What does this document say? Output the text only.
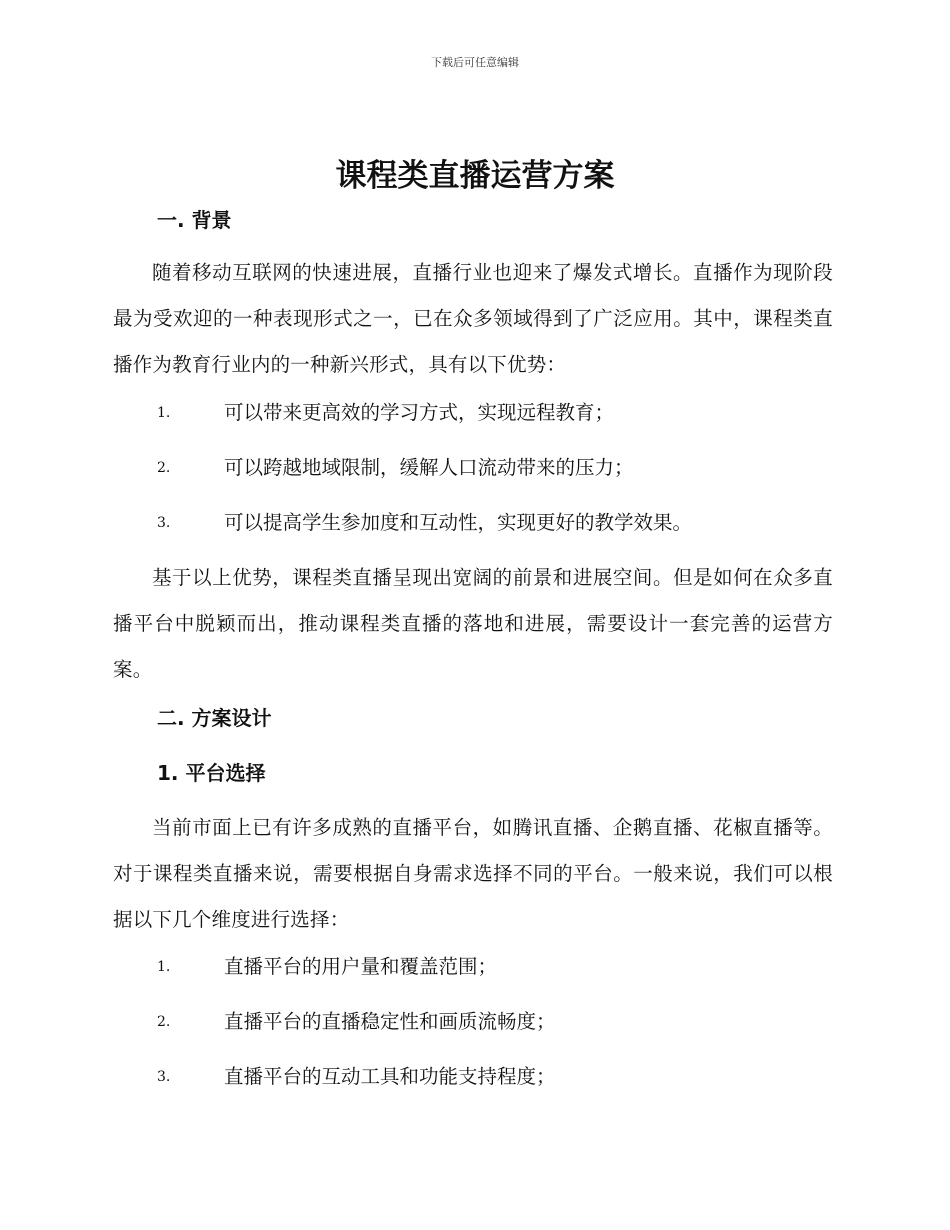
下载后可任意编辑
课程类直播运营方案
一. 背景

随着移动互联网的快速进展，直播行业也迎来了爆发式增长。直播作为现阶段最为受欢迎的一种表现形式之一，已在众多领域得到了广泛应用。其中，课程类直播作为教育行业内的一种新兴形式，具有以下优势：

1.	可以带来更高效的学习方式，实现远程教育；
2.	可以跨越地域限制，缓解人口流动带来的压力；
3.	可以提高学生参加度和互动性，实现更好的教学效果。

基于以上优势，课程类直播呈现出宽阔的前景和进展空间。但是如何在众多直播平台中脱颖而出，推动课程类直播的落地和进展，需要设计一套完善的运营方案。

二. 方案设计
1. 平台选择

当前市面上已有许多成熟的直播平台，如腾讯直播、企鹅直播、花椒直播等。对于课程类直播来说，需要根据自身需求选择不同的平台。一般来说，我们可以根据以下几个维度进行选择：

1.	直播平台的用户量和覆盖范围；
2.	直播平台的直播稳定性和画质流畅度；
3.	直播平台的互动工具和功能支持程度；
